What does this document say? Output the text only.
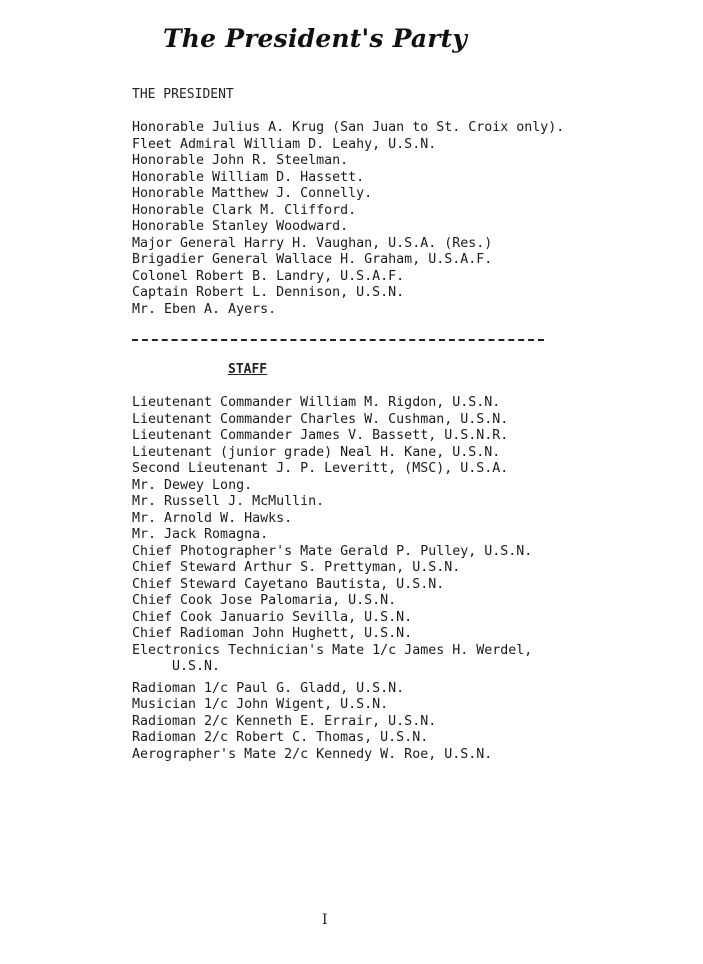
The President's Party
THE PRESIDENT
Honorable Julius A. Krug (San Juan to St. Croix only).
Fleet Admiral William D. Leahy, U.S.N.
Honorable John R. Steelman.
Honorable William D. Hassett.
Honorable Matthew J. Connelly.
Honorable Clark M. Clifford.
Honorable Stanley Woodward.
Major General Harry H. Vaughan, U.S.A. (Res.)
Brigadier General Wallace H. Graham, U.S.A.F.
Colonel Robert B. Landry, U.S.A.F.
Captain Robert L. Dennison, U.S.N.
Mr. Eben A. Ayers.
STAFF
Lieutenant Commander William M. Rigdon, U.S.N.
Lieutenant Commander Charles W. Cushman, U.S.N.
Lieutenant Commander James V. Bassett, U.S.N.R.
Lieutenant (junior grade) Neal H. Kane, U.S.N.
Second Lieutenant J. P. Leveritt, (MSC), U.S.A.
Mr. Dewey Long.
Mr. Russell J. McMullin.
Mr. Arnold W. Hawks.
Mr. Jack Romagna.
Chief Photographer's Mate Gerald P. Pulley, U.S.N.
Chief Steward Arthur S. Prettyman, U.S.N.
Chief Steward Cayetano Bautista, U.S.N.
Chief Cook Jose Palomaria, U.S.N.
Chief Cook Januario Sevilla, U.S.N.
Chief Radioman John Hughett, U.S.N.
Electronics Technician's Mate 1/c James H. Werdel,
U.S.N.
Radioman 1/c Paul G. Gladd, U.S.N.
Musician 1/c John Wigent, U.S.N.
Radioman 2/c Kenneth E. Errair, U.S.N.
Radioman 2/c Robert C. Thomas, U.S.N.
Aerographer's Mate 2/c Kennedy W. Roe, U.S.N.
I
